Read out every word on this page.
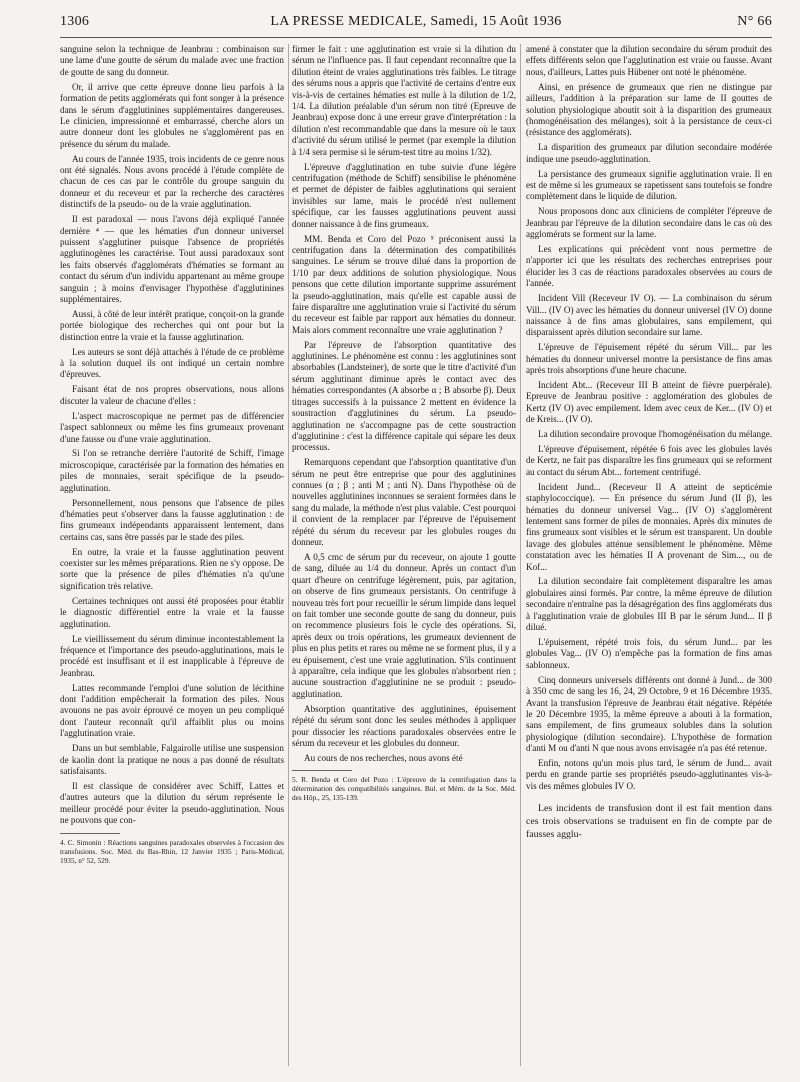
1306	LA PRESSE MEDICALE, Samedi, 15 Août 1936	N° 66

sanguine selon la technique de Jeanbrau : combinaison sur une lame d'une goutte de sérum du malade avec une fraction de goutte de sang du donneur.

Or, il arrive que cette épreuve donne lieu parfois à la formation de petits agglomérats qui font songer à la présence dans le sérum d'agglutinines supplémentaires dangereuses. Le clinicien, impressionné et embarrassé, cherche alors un autre donneur dont les globules ne s'agglomèrent pas en présence du sérum du malade.

Au cours de l'année 1935, trois incidents de ce genre nous ont été signalés. Nous avons procédé à l'étude complète de chacun de ces cas par le contrôle du groupe sanguin du donneur et du receveur et par la recherche des caractères distinctifs de la pseudo- ou de la vraie agglutination.

Il est paradoxal — nous l'avons déjà expliqué l'année dernière ⁴ — que les hématies d'un donneur universel puissent s'agglutiner puisque l'absence de propriétés agglutinogènes les caractérise. Tout aussi paradoxaux sont les faits observés d'agglomérats d'hématies se formant au contact du sérum d'un individu appartenant au même groupe sanguin ; à moins d'envisager l'hypothèse d'agglutinines supplémentaires.

Aussi, à côté de leur intérêt pratique, conçoit-on la grande portée biologique des recherches qui ont pour but la distinction entre la vraie et la fausse agglutination.

Les auteurs se sont déjà attachés à l'étude de ce problème à la solution duquel ils ont indiqué un certain nombre d'épreuves.

Faisant état de nos propres observations, nous allons discuter la valeur de chacune d'elles :

L'aspect macroscopique ne permet pas de différencier l'aspect sablonneux ou même les fins grumeaux provenant d'une fausse ou d'une vraie agglutination.

Si l'on se retranche derrière l'autorité de Schiff, l'image microscopique, caractérisée par la formation des hématies en piles de monnaies, serait spécifique de la pseudo-agglutination.

Personnellement, nous pensons que l'absence de piles d'hématies peut s'observer dans la fausse agglutination : de fins grumeaux indépendants apparaissent lentement, dans certains cas, sans être passés par le stade des piles.

En outre, la vraie et la fausse agglutination peuvent coexister sur les mêmes préparations. Rien ne s'y oppose. De sorte que la présence de piles d'hématies n'a qu'une signification très relative.

Certaines techniques ont aussi été proposées pour établir le diagnostic différentiel entre la vraie et la fausse agglutination.

Le vieillissement du sérum diminue incontestablement la fréquence et l'importance des pseudo-agglutinations, mais le procédé est insuffisant et il est inapplicable à l'épreuve de Jeanbrau.

Lattes recommande l'emploi d'une solution de lécithine dont l'addition empêcherait la formation des piles. Nous avouons ne pas avoir éprouvé ce moyen un peu compliqué dont l'auteur reconnaît qu'il affaiblit plus ou moins l'agglutination vraie.

Dans un but semblable, Falgairolle utilise une suspension de kaolin dont la pratique ne nous a pas donné de résultats satisfaisants.

Il est classique de considérer avec Schiff, Lattes et d'autres auteurs que la dilution du sérum représente le meilleur procédé pour éviter la pseudo-agglutination. Nous ne pouvons que con-

4. C. Simonin : Réactions sanguines paradoxales observées à l'occasion des transfusions. Soc. Méd. du Bas-Rhin, 12 Janvier 1935 ; Paris-Médical, 1935, n° 52, 529.

firmer le fait : une agglutination est vraie si la dilution du sérum ne l'influence pas. Il faut cependant reconnaître que la dilution éteint de vraies agglutinations très faibles. Le titrage des sérums nous a appris que l'activité de certains d'entre eux vis-à-vis de certaines hématies est nulle à la dilution de 1/2, 1/4. La dilution préalable d'un sérum non titré (Epreuve de Jeanbrau) expose donc à une erreur grave d'interprétation : la dilution n'est recommandable que dans la mesure où le taux d'activité du sérum utilisé le permet (par exemple la dilution à 1/4 sera permise si le sérum-test titre au moins 1/32).

L'épreuve d'agglutination en tube suivie d'une légère centrifugation (méthode de Schiff) sensibilise le phénomène et permet de dépister de faibles agglutinations qui seraient invisibles sur lame, mais le procédé n'est nullement spécifique, car les fausses agglutinations peuvent aussi donner naissance à de fins grumeaux.

MM. Benda et Coro del Pozo ⁵ préconisent aussi la centrifugation dans la détermination des compatibilités sanguines. Le sérum se trouve dilué dans la proportion de 1/10 par deux additions de solution physiologique. Nous pensons que cette dilution importante supprime assurément la pseudo-agglutination, mais qu'elle est capable aussi de faire disparaître une agglutination vraie si l'activité du sérum du receveur est faible par rapport aux hématies du donneur. Mais alors comment reconnaître une vraie agglutination ?

Par l'épreuve de l'absorption quantitative des agglutinines. Le phénomène est connu : les agglutinines sont absorbables (Landsteiner), de sorte que le titre d'activité d'un sérum agglutinant diminue après le contact avec des hématies correspondantes (A absorbe α ; B absorbe β). Deux titrages successifs à la puissance 2 mettent en évidence la soustraction d'agglutinines du sérum. La pseudo-agglutination ne s'accompagne pas de cette soustraction d'agglutinine : c'est la différence capitale qui sépare les deux processus.

Remarquons cependant que l'absorption quantitative d'un sérum ne peut être entreprise que pour des agglutinines connues (α ; β ; anti M ; anti N). Dans l'hypothèse où de nouvelles agglutinines inconnues se seraient formées dans le sang du malade, la méthode n'est plus valable. C'est pourquoi il convient de la remplacer par l'épreuve de l'épuisement répété du sérum du receveur par les globules rouges du donneur.

A 0,5 cmc de sérum pur du receveur, on ajoute 1 goutte de sang, diluée au 1/4 du donneur. Après un contact d'un quart d'heure on centrifuge légèrement, puis, par agitation, on observe de fins grumeaux persistants. On centrifuge à nouveau très fort pour recueillir le sérum limpide dans lequel on fait tomber une seconde goutte de sang du donneur, puis on recommence plusieurs fois le cycle des opérations. Si, après deux ou trois opérations, les grumeaux deviennent de plus en plus petits et rares ou même ne se forment plus, il y a eu épuisement, c'est une vraie agglutination. S'ils continuent à apparaître, cela indique que les globules n'absorbent rien ; aucune soustraction d'agglutinine ne se produit : pseudo-agglutination.

Absorption quantitative des agglutinines, épuisement répété du sérum sont donc les seules méthodes à appliquer pour dissocier les réactions paradoxales observées entre le sérum du receveur et les globules du donneur.

Au cours de nos recherches, nous avons été

5. R. Benda et Coro del Pozo : L'épreuve de la centrifugation dans la détermination des compatibilités sanguines. Bul. et Mém. de la Soc. Méd. des Hôp., 25, 135-139.

amené à constater que la dilution secondaire du sérum produit des effets différents selon que l'agglutination est vraie ou fausse. Avant nous, d'ailleurs, Lattes puis Hübener ont noté le phénomène.

Ainsi, en présence de grumeaux que rien ne distingue par ailleurs, l'addition à la préparation sur lame de II gouttes de solution physiologique aboutit soit à la disparition des grumeaux (homogénéisation des mélanges), soit à la persistance de ceux-ci (résistance des agglomérats).

La disparition des grumeaux par dilution secondaire modérée indique une pseudo-agglutination.

La persistance des grumeaux signifie agglutination vraie. Il en est de même si les grumeaux se rapetissent sans toutefois se fondre complètement dans le liquide de dilution.

Nous proposons donc aux cliniciens de compléter l'épreuve de Jeanbrau par l'épreuve de la dilution secondaire dans le cas où des agglomérats se forment sur la lame.

Les explications qui précèdent vont nous permettre de n'apporter ici que les résultats des recherches entreprises pour élucider les 3 cas de réactions paradoxales observées au cours de l'année.

Incident Vill (Receveur IV O). — La combinaison du sérum Vill... (IV O) avec les hématies du donneur universel (IV O) donne naissance à de fins amas globulaires, sans empilement, qui disparaissent après dilution secondaire sur lame.

L'épreuve de l'épuisement répété du sérum Vill... par les hématies du donneur universel montre la persistance de fins amas après trois absorptions d'une heure chacune.

Incident Abt... (Receveur III B atteint de fièvre puerpérale). Epreuve de Jeanbrau positive : agglomération des globules de Kertz (IV O) avec empilement. Idem avec ceux de Ker... (IV O) et de Kreis... (IV O).

La dilution secondaire provoque l'homogénéisation du mélange.

L'épreuve d'épuisement, répétée 6 fois avec les globules lavés de Kertz, ne fait pas disparaître les fins grumeaux qui se reforment au contact du sérum Abt... fortement centrifugé.

Incident Jund... (Receveur II A atteint de septicémie staphylococcique). — En présence du sérum Jund (II β), les hématies du donneur universel Vag... (IV O) s'agglomèrent lentement sans former de piles de monnaies. Après dix minutes de fins grumeaux sont visibles et le sérum est transparent. Un double lavage des globules atténue sensiblement le phénomène. Même constatation avec les hématies II A provenant de Sim..., ou de Kof...

La dilution secondaire fait complètement disparaître les amas globulaires ainsi formés. Par contre, la même épreuve de dilution secondaire n'entraîne pas la désagrégation des fins agglomérats dus à l'agglutination vraie de globules III B par le sérum Jund... II β dilué.

L'épuisement, répété trois fois, du sérum Jund... par les globules Vag... (IV O) n'empêche pas la formation de fins amas sablonneux.

Cinq donneurs universels différents ont donné à Jund... de 300 à 350 cmc de sang les 16, 24, 29 Octobre, 9 et 16 Décembre 1935. Avant la transfusion l'épreuve de Jeanbrau était négative. Répétée le 20 Décembre 1935, la même épreuve a abouti à la formation, sans empilement, de fins grumeaux solubles dans la solution physiologique (dilution secondaire). L'hypothèse de formation d'anti M ou d'anti N que nous avons envisagée n'a pas été retenue.

Enfin, notons qu'un mois plus tard, le sérum de Jund... avait perdu en grande partie ses propriétés pseudo-agglutinantes vis-à-vis des mêmes globules IV O.

Les incidents de transfusion dont il est fait mention dans ces trois observations se traduisent en fin de compte par de fausses agglu-
